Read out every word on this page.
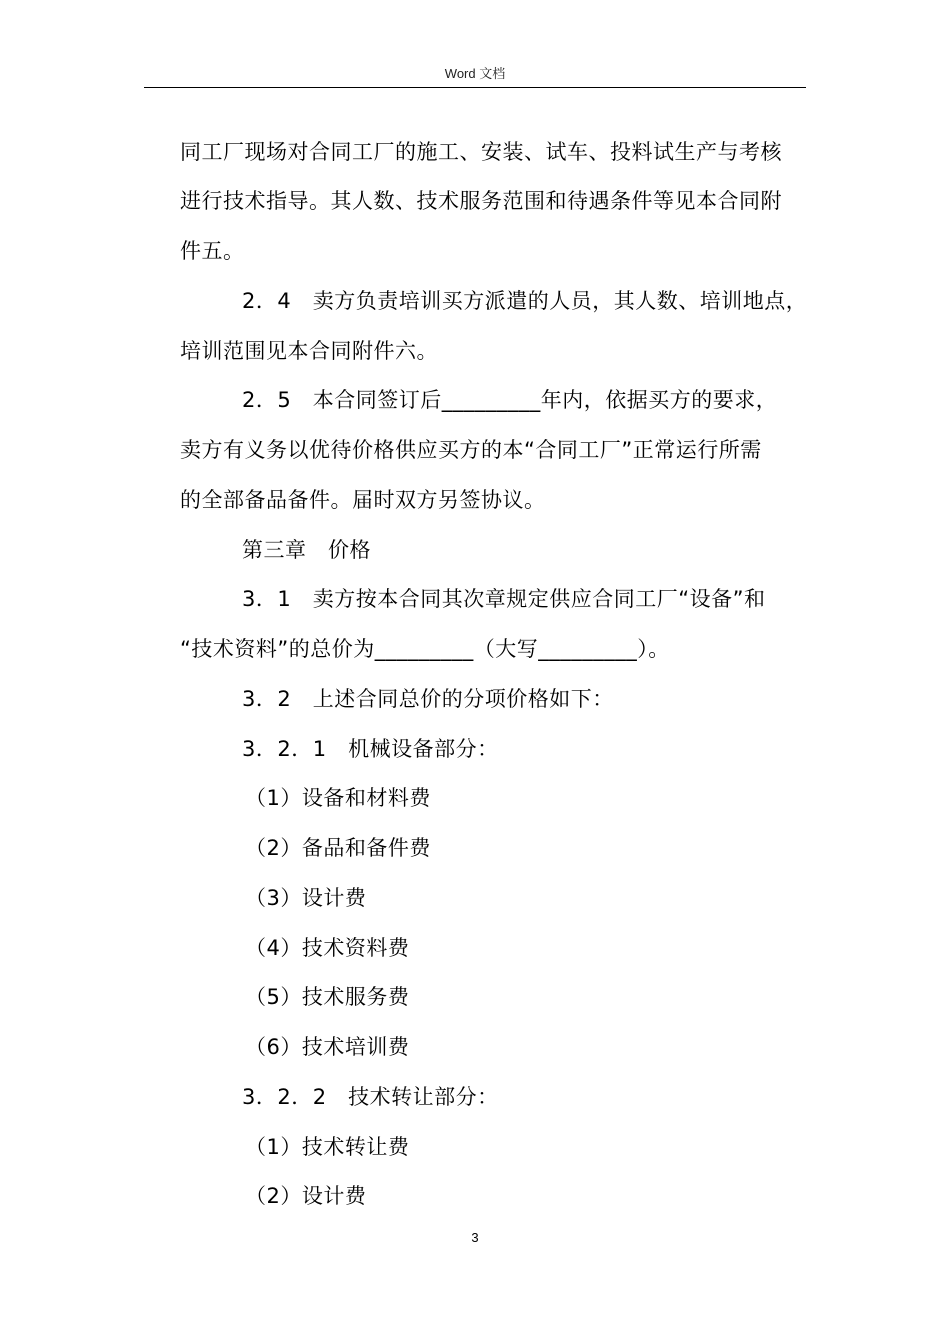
Word 文档
同工厂现场对合同工厂的施工、安装、试车、投料试生产与考核
进行技术指导。其人数、技术服务范围和待遇条件等见本合同附
件五。
2．4　卖方负责培训买方派遣的人员，其人数、培训地点，
培训范围见本合同附件六。
2．5　本合同签订后_________年内，依据买方的要求，
卖方有义务以优待价格供应买方的本“合同工厂”正常运行所需
的全部备品备件。届时双方另签协议。
第三章　价格
3．1　卖方按本合同其次章规定供应合同工厂“设备”和
“技术资料”的总价为_________（大写_________）。
3．2　上述合同总价的分项价格如下：
3．2．1　机械设备部分：
（1）设备和材料费
（2）备品和备件费
（3）设计费
（4）技术资料费
（5）技术服务费
（6）技术培训费
3．2．2　技术转让部分：
（1）技术转让费
（2）设计费
3
